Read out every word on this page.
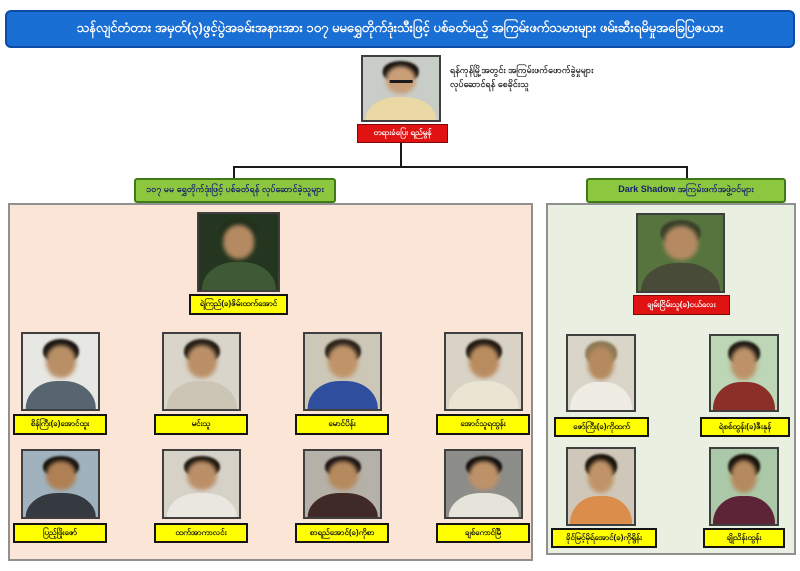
သန်လျင်တံတား အမှတ်(၃)ဖွင့်ပွဲအခမ်းအနားအား ၁၀၇ မမရွှေတိုက်ဒုံးသီးဖြင့် ပစ်ခတ်မည့် အကြမ်းဖက်သမားများ ဖမ်းဆီးရမိမှုအခြေပြဇယား
ရန်ကုန်မြို့အတွင်း အကြမ်းဖက်ဖောက်ခွဲမှုများ
လုပ်ဆောင်ရန် စေခိုင်းသူ
တရားခံပြေး ရည်မွန်
၁၀၇ မမ ရွှေတိုက်ဒုံးဖြင့် ပစ်ခတ်ရန် လုပ်ဆောင်ခဲ့သူများ	Dark Shadow အကြမ်းဖက်အဖွဲ့ဝင်များ
ရဲကြည်(ခ)ဇိမ်းထက်အောင်	ချမ်းငြိမ်းသူ(ခ)ငယ်လေး
စိန်ကြီး(ခ)အောင်ထူး	မင်းသူ	မောင်ပိန်း	အောင်သူရထွန်း
ပြည့်ဖြိုးဇော်	ထက်အာကာလင်း	စာရည်အောင်(ခ)ကိုစာ	ချစ်ကောင်မြီ
ဇော်ကြီး(ခ)ကိုထက်	ရဲစစ်ထွန်း(ခ)ဇီးနုန်
ခိုင်မြင့်မိုရ်အောင်(ခ)ကိုရွိန်း	ချိုသိန်းထွန်း
